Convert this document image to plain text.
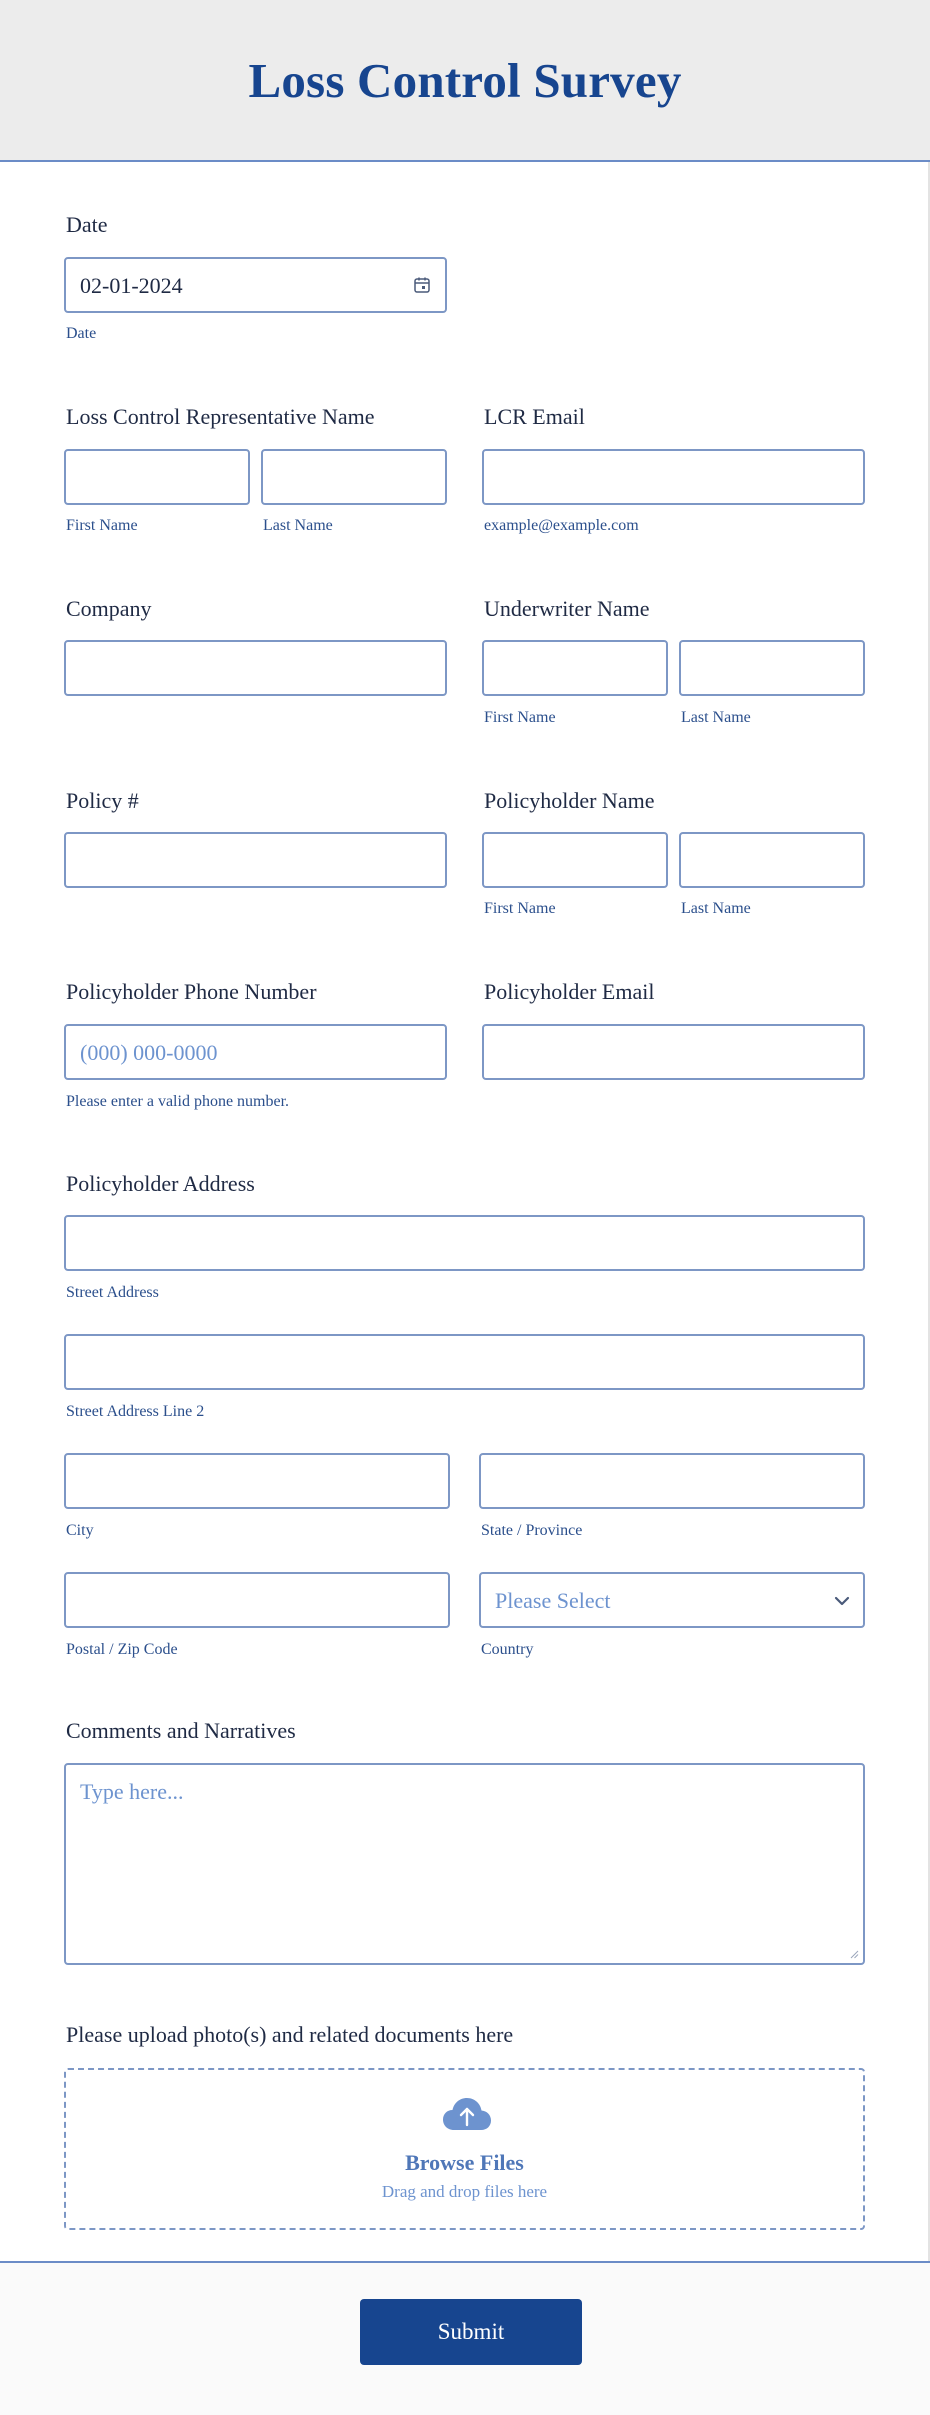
Loss Control Survey
Date
02-01-2024
Date
Loss Control Representative Name
First Name	Last Name
LCR Email
example@example.com
Company	Underwriter Name
First Name	Last Name
Policy #	Policyholder Name
First Name	Last Name
Policyholder Phone Number
(000) 000-0000
Please enter a valid phone number.
Policyholder Email
Policyholder Address
Street Address
Street Address Line 2
City	State / Province
Postal / Zip Code
Please Select
Country
Comments and Narratives
Type here...
Please upload photo(s) and related documents here
Browse Files
Drag and drop files here
Submit
